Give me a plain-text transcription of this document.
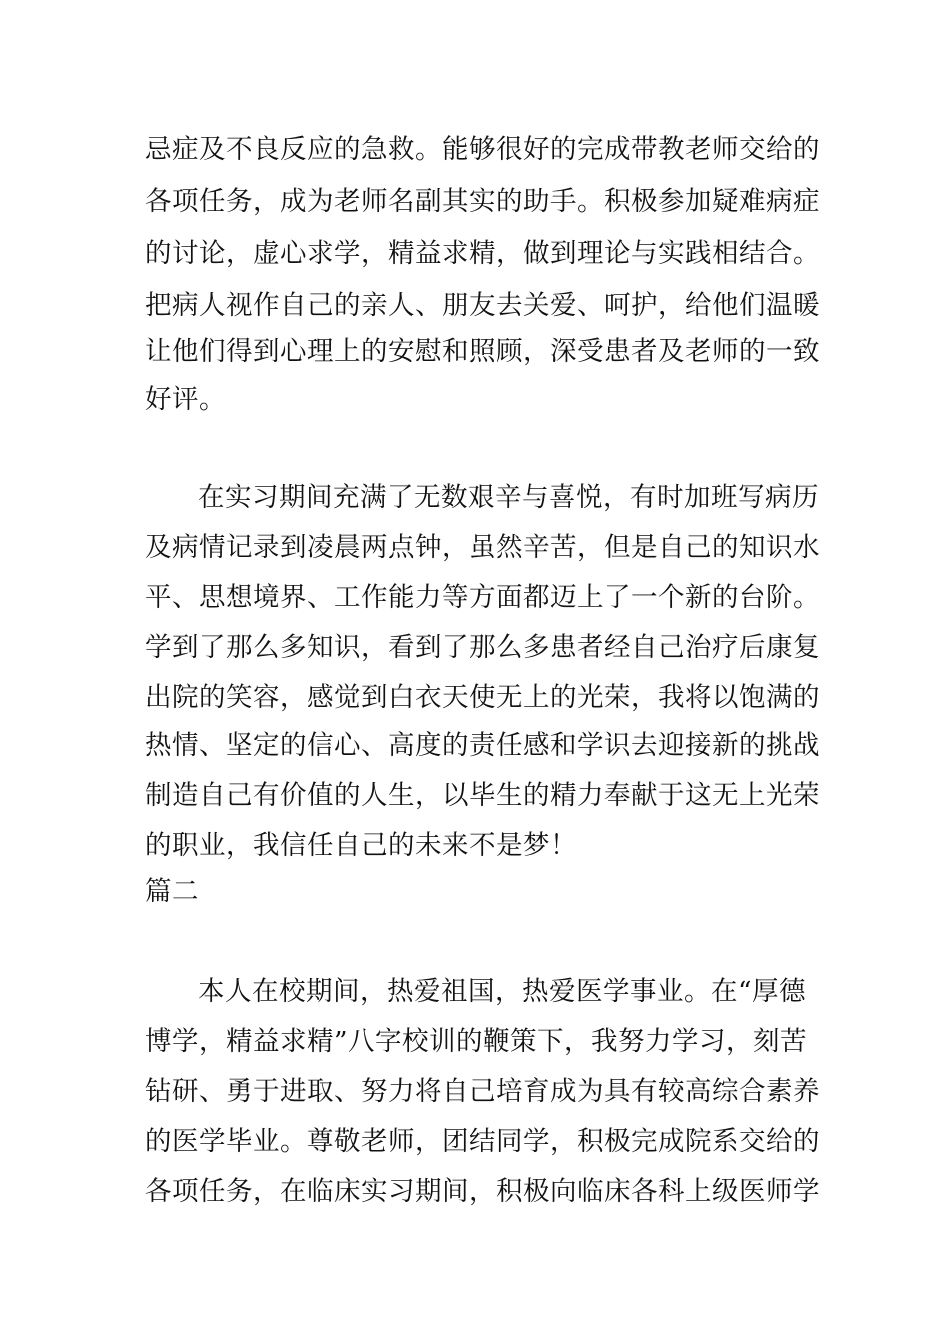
忌症及不良反应的急救。能够很好的完成带教老师交给的
各项任务，成为老师名副其实的助手。积极参加疑难病症
的讨论，虚心求学，精益求精，做到理论与实践相结合。
把病人视作自己的亲人、朋友去关爱、呵护，给他们温暖
让他们得到心理上的安慰和照顾，深受患者及老师的一致
好评。
在实习期间充满了无数艰辛与喜悦，有时加班写病历
及病情记录到凌晨两点钟，虽然辛苦，但是自己的知识水
平、思想境界、工作能力等方面都迈上了一个新的台阶。
学到了那么多知识，看到了那么多患者经自己治疗后康复
出院的笑容，感觉到白衣天使无上的光荣，我将以饱满的
热情、坚定的信心、高度的责任感和学识去迎接新的挑战
制造自己有价值的人生，以毕生的精力奉献于这无上光荣
的职业，我信任自己的未来不是梦！
篇二
本人在校期间，热爱祖国，热爱医学事业。在“厚德
博学，精益求精”八字校训的鞭策下，我努力学习，刻苦
钻研、勇于进取、努力将自己培育成为具有较高综合素养
的医学毕业。尊敬老师，团结同学，积极完成院系交给的
各项任务，在临床实习期间，积极向临床各科上级医师学
